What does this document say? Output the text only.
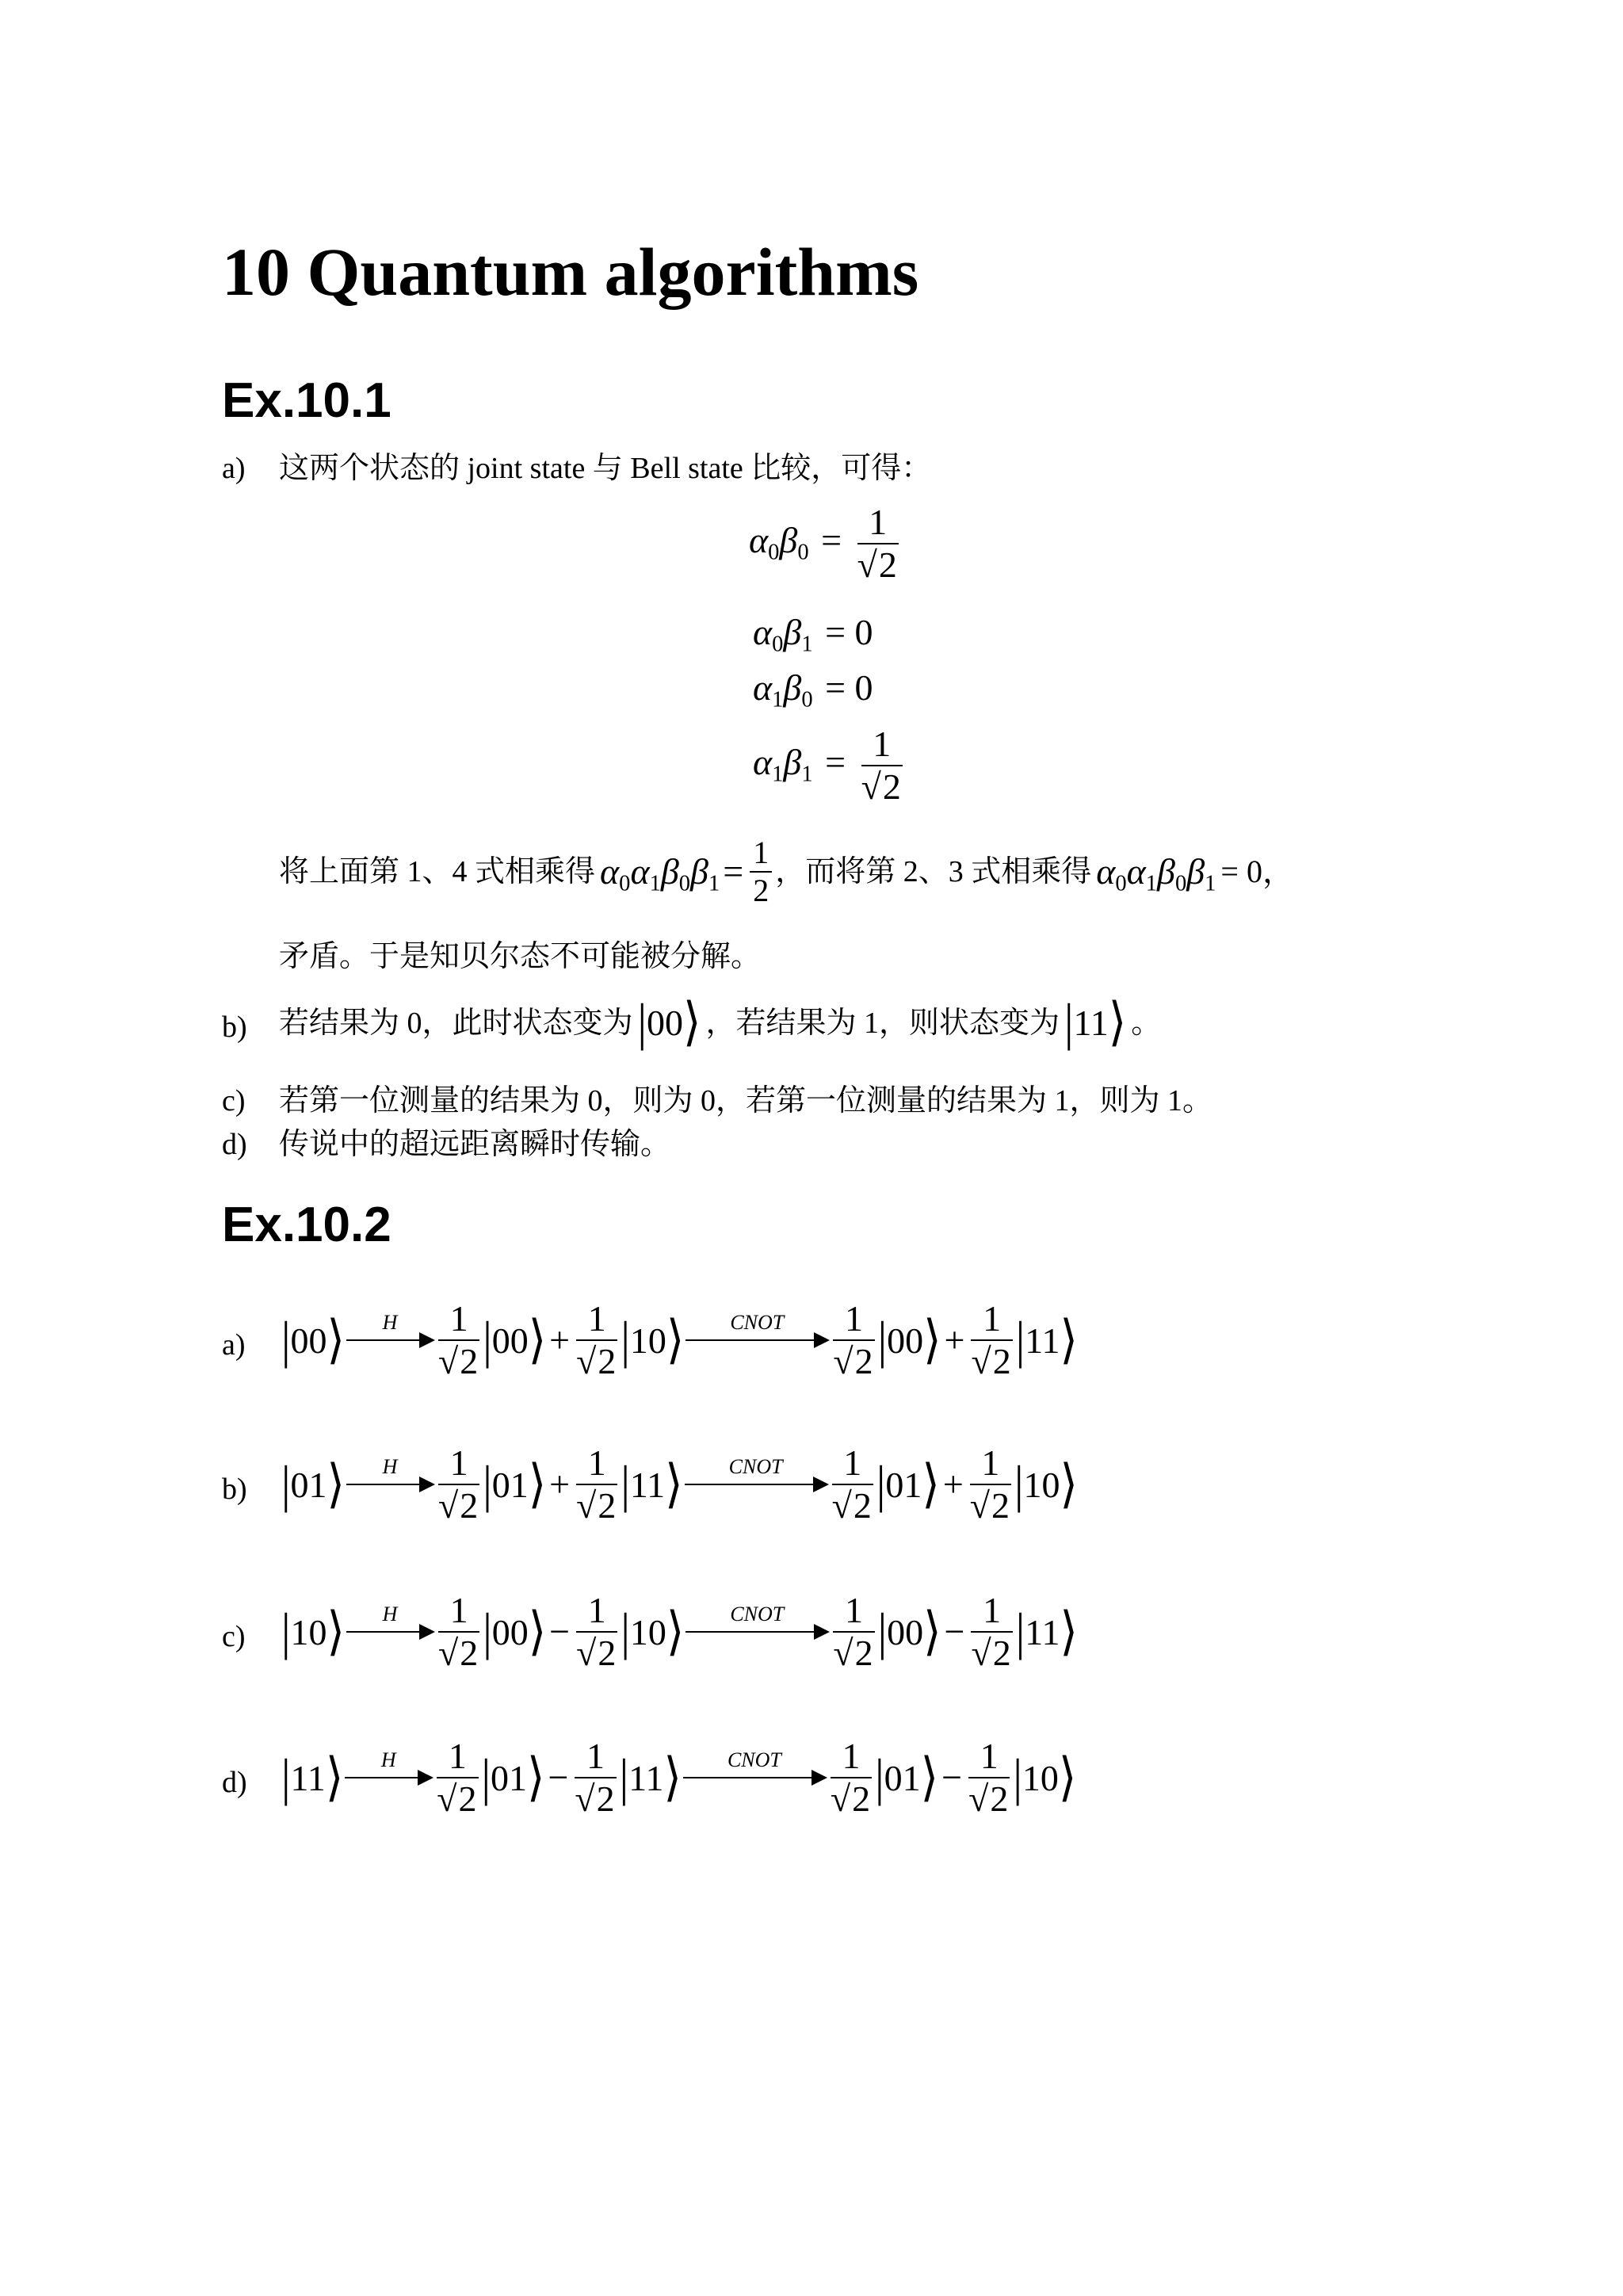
10 Quantum algorithms
Ex.10.1
a) 这两个状态的 joint state 与 Bell state 比较，可得：
$\alpha_0\beta_0 = \frac{1}{√2}$
$\alpha_0\beta_1 = 0$
$\alpha_1\beta_0 = 0$
$\alpha_1\beta_1 = \frac{1}{√2}$
将上面第 1、4 式相乘得 $\alpha_0\alpha_1\beta_0\beta_1 = \frac{1}{2}$ ，而将第 2、3 式相乘得 $\alpha_0\alpha_1\beta_0\beta_1 = 0$，
矛盾。于是知贝尔态不可能被分解。
b) 若结果为 0，此时状态变为 |00⟩ ，若结果为 1，则状态变为 |11⟩ 。
c) 若第一位测量的结果为 0，则为 0，若第一位测量的结果为 1，则为 1。
d) 传说中的超远距离瞬时传输。
Ex.10.2
a) |00⟩	H	$\frac{1}{√2}$ |00⟩ + $\frac{1}{√2}$ |10⟩	CNOT	$\frac{1}{√2}$ |00⟩ + $\frac{1}{√2}$ |11⟩
b) |01⟩	H	$\frac{1}{√2}$ |01⟩ + $\frac{1}{√2}$ |11⟩	CNOT	$\frac{1}{√2}$ |01⟩ + $\frac{1}{√2}$ |10⟩
c) |10⟩	H	$\frac{1}{√2}$ |00⟩ − $\frac{1}{√2}$ |10⟩	CNOT	$\frac{1}{√2}$ |00⟩ − $\frac{1}{√2}$ |11⟩
d) |11⟩	H	$\frac{1}{√2}$ |01⟩ − $\frac{1}{√2}$ |11⟩	CNOT	$\frac{1}{√2}$ |01⟩ − $\frac{1}{√2}$ |10⟩
